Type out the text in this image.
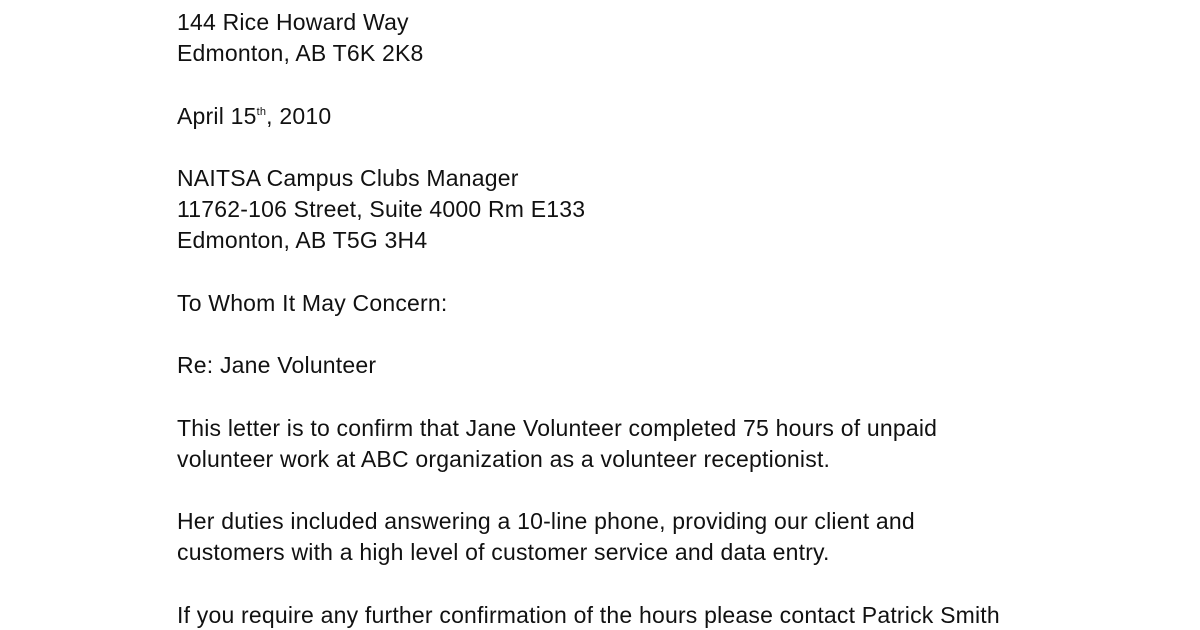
144 Rice Howard Way
Edmonton, AB T6K 2K8
April 15th, 2010
NAITSA Campus Clubs Manager
11762-106 Street, Suite 4000 Rm E133
Edmonton, AB T5G 3H4
To Whom It May Concern:
Re: Jane Volunteer
This letter is to confirm that Jane Volunteer completed 75 hours of unpaid
volunteer work at ABC organization as a volunteer receptionist.
Her duties included answering a 10-line phone, providing our client and
customers with a high level of customer service and data entry.
If you require any further confirmation of the hours please contact Patrick Smith
